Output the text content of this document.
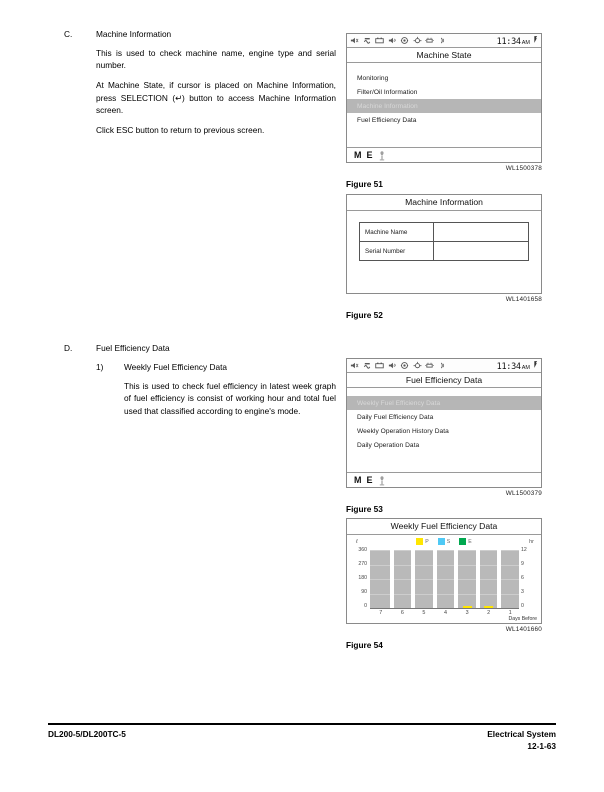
C.	Machine Information

This is used to check machine name, engine type and serial number.

At Machine State, if cursor is placed on Machine Information, press SELECTION (↵) button to access Machine Information screen.

Click ESC button to return to previous screen.

D.	Fuel Efficiency Data
1)	Weekly Fuel Efficiency Data

This is used to check fuel efficiency in latest week graph of fuel efficiency is consist of working hour and total fuel used that classified according to engine's mode.

11:34 AM
Machine State
Monitoring
Filter/Oil Information
Machine Information
Fuel Efficiency Data
M E
WL1500378
Figure 51
Machine Information
Machine Name	
Serial Number	
WL1401658
Figure 52
11:34 AM
Fuel Efficiency Data
Weekly Fuel Efficiency Data
Daily Fuel Efficiency Data
Weekly Operation History Data
Daily Operation Data
M E
WL1500379
Figure 53
Weekly Fuel Efficiency Data
ℓ	hr
P	S	E
360
270
180
90
0
12
9
6
3
0
7	6	5	4	3	2	1
Days Before
WL1401660
Figure 54
DL200-5/DL200TC-5	Electrical System
12-1-63
